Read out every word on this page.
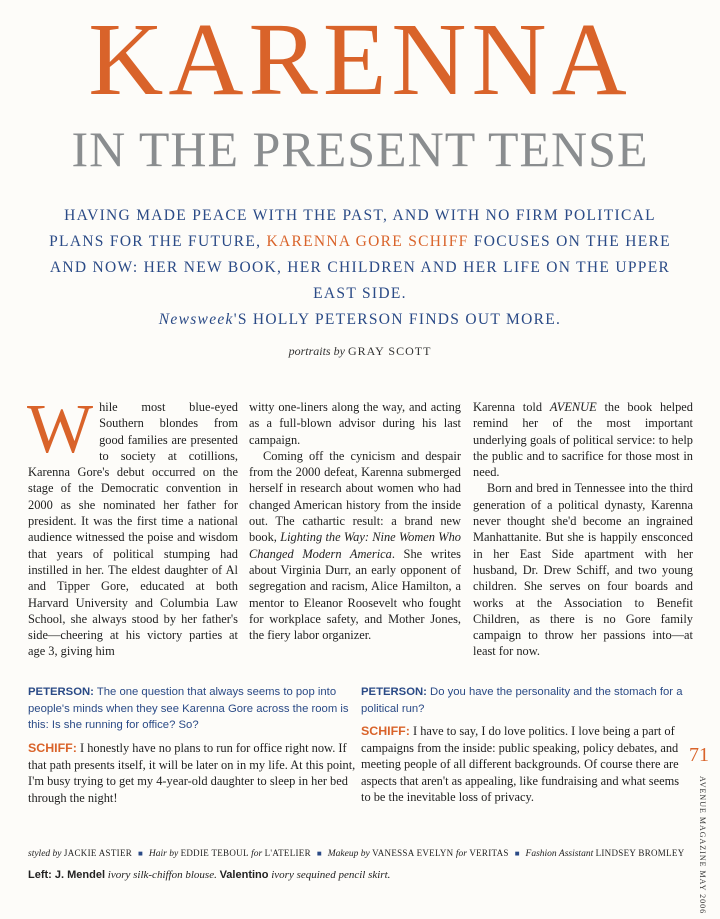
KARENNA
IN THE PRESENT TENSE
HAVING MADE PEACE WITH THE PAST, AND WITH NO FIRM POLITICAL PLANS FOR THE FUTURE, KARENNA GORE SCHIFF FOCUSES ON THE HERE AND NOW: HER NEW BOOK, HER CHILDREN AND HER LIFE ON THE UPPER EAST SIDE.
Newsweek'S HOLLY PETERSON FINDS OUT MORE.
portraits by GRAY SCOTT

While most blue-eyed Southern blondes from good families are presented to society at cotillions, Karenna Gore's debut occurred on the stage of the Democratic convention in 2000 as she nominated her father for president. It was the first time a national audience witnessed the poise and wisdom that years of political stumping had instilled in her. The eldest daughter of Al and Tipper Gore, educated at both Harvard University and Columbia Law School, she always stood by her father's side—cheering at his victory parties at age 3, giving him

witty one-liners along the way, and acting as a full-blown advisor during his last campaign.

Coming off the cynicism and despair from the 2000 defeat, Karenna submerged herself in research about women who had changed American history from the inside out. The cathartic result: a brand new book, Lighting the Way: Nine Women Who Changed Modern America. She writes about Virginia Durr, an early opponent of segregation and racism, Alice Hamilton, a mentor to Eleanor Roosevelt who fought for workplace safety, and Mother Jones, the fiery labor organizer.

Karenna told AVENUE the book helped remind her of the most important underlying goals of political service: to help the public and to sacrifice for those most in need.

Born and bred in Tennessee into the third generation of a political dynasty, Karenna never thought she'd become an ingrained Manhattanite. But she is happily ensconced in her East Side apartment with her husband, Dr. Drew Schiff, and two young children. She serves on four boards and works at the Association to Benefit Children, as there is no Gore family campaign to throw her passions into—at least for now.

PETERSON: The one question that always seems to pop into people's minds when they see Karenna Gore across the room is this: Is she running for office? So?
SCHIFF: I honestly have no plans to run for office right now. If that path presents itself, it will be later on in my life. At this point, I'm busy trying to get my 4-year-old daughter to sleep in her bed through the night!
PETERSON: Do you have the personality and the stomach for a political run?
SCHIFF: I have to say, I do love politics. I love being a part of campaigns from the inside: public speaking, policy debates, and meeting people of all different backgrounds. Of course there are aspects that aren't as appealing, like fundraising and what seems to be the inevitable loss of privacy.
71
AVENUE MAGAZINE MAY 2006
styled by JACKIE ASTIER ■ Hair by EDDIE TEBOUL for L'ATELIER ■ Makeup by VANESSA EVELYN for VERITAS ■ Fashion Assistant LINDSEY BROMLEY
Left: J. Mendel ivory silk-chiffon blouse. Valentino ivory sequined pencil skirt.
